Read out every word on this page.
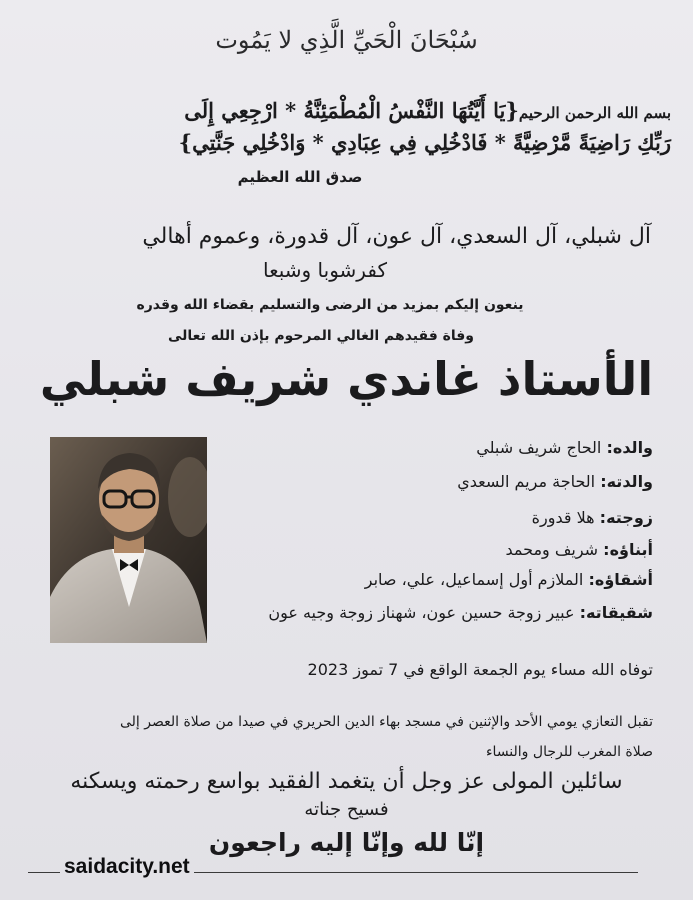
سُبْحَانَ الْحَيِّ الَّذِي لا يَمُوت

بسم الله الرحمن الرحيم{يَا أَيَّتُهَا النَّفْسُ الْمُطْمَئِنَّةُ * ارْجِعِي إِلَى

رَبِّكِ رَاضِيَةً مَّرْضِيَّةً * فَادْخُلِي فِي عِبَادِي * وَادْخُلِي جَنَّتِي}

صدق الله العظيم

آل شبلي، آل السعدي، آل عون، آل قدورة، وعموم أهالي

كفرشوبا وشبعا

ينعون إليكم بمزيد من الرضى والتسليم بقضاء الله وقدره

وفاة فقيدهم الغالي المرحوم بإذن الله تعالى

الأستاذ غاندي شريف شبلي

والده: الحاج شريف شبلي

والدته: الحاجة مريم السعدي

زوجته: هلا قدورة

أبناؤه: شريف ومحمد

أشقاؤه: الملازم أول إسماعيل، علي، صابر

شقيقاته: عبير زوجة حسين عون، شهناز زوجة وجيه عون

توفاه الله مساء يوم الجمعة الواقع في 7 تموز 2023

تقبل التعازي يومي الأحد والإثنين في مسجد بهاء الدين الحريري في صيدا من صلاة العصر إلى

صلاة المغرب للرجال والنساء

سائلين المولى عز وجل أن يتغمد الفقيد بواسع رحمته ويسكنه

فسيح جناته

إنّا لله وإنّا إليه راجعون

saidacity.net
